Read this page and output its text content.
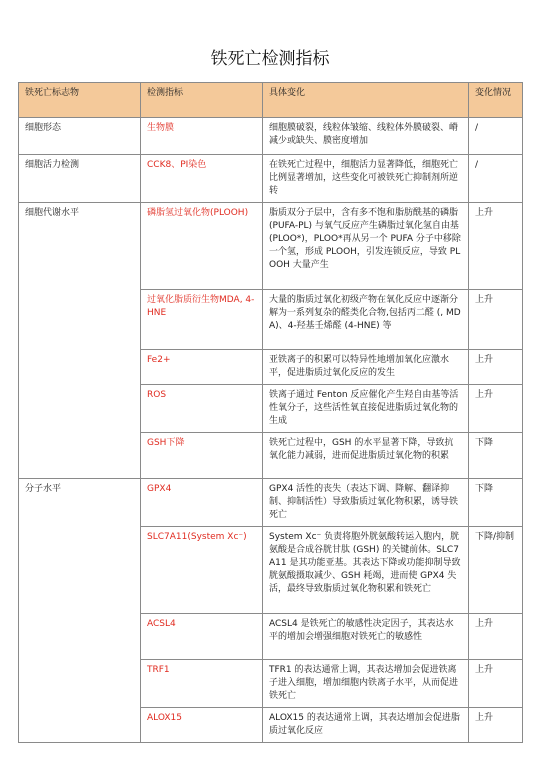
铁死亡检测指标
铁死亡标志物	检测指标	具体变化	变化情况
细胞形态	生物膜	细胞膜破裂，线粒体皱缩、线粒体外膜破裂、嵴减少或缺失、膜密度增加	/
细胞活力检测	CCK8、PI染色	在铁死亡过程中，细胞活力显著降低，细胞死亡比例显著增加，这些变化可被铁死亡抑制剂所逆转	/
细胞代谢水平	磷脂氢过氧化物(PLOOH)	脂质双分子层中，含有多不饱和脂肪酰基的磷脂 (PUFA-PL) 与氧气反应产生磷脂过氧化氢自由基 (PLOO*)，PLOO*再从另一个 PUFA 分子中移除一个氢，形成 PLOOH，引发连锁反应，导致 PLOOH 大量产生	上升
	过氧化脂质衍生物MDA, 4-HNE	大量的脂质过氧化初级产物在氧化反应中逐渐分解为一系列复杂的醛类化合物,包括丙二醛 (, MDA)、4-羟基壬烯醛 (4-HNE) 等	上升
	Fe2+	亚铁离子的积累可以特异性地增加氧化应激水平，促进脂质过氧化反应的发生	上升
	ROS	铁离子通过 Fenton 反应催化产生羟自由基等活性氧分子，这些活性氧直接促进脂质过氧化物的生成	上升
	GSH下降	铁死亡过程中，GSH 的水平显著下降，导致抗氧化能力减弱，进而促进脂质过氧化物的积累	下降
分子水平	GPX4	GPX4 活性的丧失（表达下调、降解、翻译抑制、抑制活性）导致脂质过氧化物积累，诱导铁死亡	下降
	SLC7A11(System Xc⁻)	System Xc⁻ 负责将胞外胱氨酸转运入胞内，胱氨酸是合成谷胱甘肽 (GSH) 的关键前体。SLC7A11 是其功能亚基。其表达下降或功能抑制导致胱氨酸摄取减少、GSH 耗竭，进而使 GPX4 失活，最终导致脂质过氧化物积累和铁死亡	下降/抑制
	ACSL4	ACSL4 是铁死亡的敏感性决定因子，其表达水平的增加会增强细胞对铁死亡的敏感性	上升
	TRF1	TFR1 的表达通常上调，其表达增加会促进铁离子进入细胞，增加细胞内铁离子水平，从而促进铁死亡	上升
	ALOX15	ALOX15 的表达通常上调，其表达增加会促进脂质过氧化反应	上升
